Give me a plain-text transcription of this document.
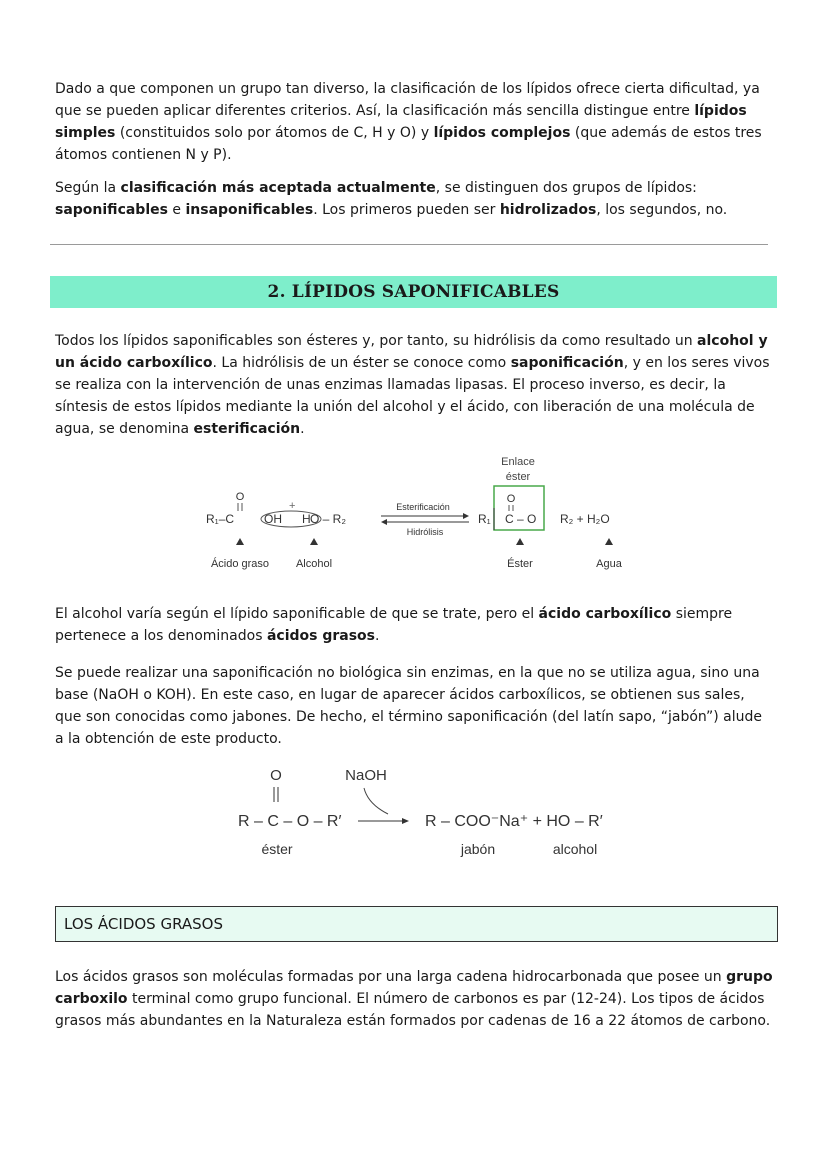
Dado a que componen un grupo tan diverso, la clasificación de los lípidos ofrece cierta dificultad, ya que se pueden aplicar diferentes criterios. Así, la clasificación más sencilla distingue entre lípidos simples (constituidos solo por átomos de C, H y O) y lípidos complejos (que además de estos tres átomos contienen N y P).

Según la clasificación más aceptada actualmente, se distinguen dos grupos de lípidos: saponificables e insaponificables. Los primeros pueden ser hidrolizados, los segundos, no.

2. LÍPIDOS SAPONIFICABLES

Todos los lípidos saponificables son ésteres y, por tanto, su hidrólisis da como resultado un alcohol y un ácido carboxílico. La hidrólisis de un éster se conoce como saponificación, y en los seres vivos se realiza con la intervención de unas enzimas llamadas lipasas. El proceso inverso, es decir, la síntesis de estos lípidos mediante la unión del alcohol y el ácido, con liberación de una molécula de agua, se denomina esterificación.

Enlace
éster
O
+
R₁–C OH H O – R₂
Esterificación
Hidrólisis
R₁
O
C – O R₂ + H₂O
Ácido graso Alcohol	Éster	Agua

El alcohol varía según el lípido saponificable de que se trate, pero el ácido carboxílico siempre pertenece a los denominados ácidos grasos.

Se puede realizar una saponificación no biológica sin enzimas, en la que no se utiliza agua, sino una base (NaOH o KOH). En este caso, en lugar de aparecer ácidos carboxílicos, se obtienen sus sales, que son conocidas como jabones. De hecho, el término saponificación (del latín sapo, “jabón”) alude a la obtención de este producto.

O	NaOH
R – C – O – R′	R – COO⁻Na⁺ + HO – R′
éster	jabón	alcohol
LOS ÁCIDOS GRASOS

Los ácidos grasos son moléculas formadas por una larga cadena hidrocarbonada que posee un grupo carboxilo terminal como grupo funcional. El número de carbonos es par (12-24). Los tipos de ácidos grasos más abundantes en la Naturaleza están formados por cadenas de 16 a 22 átomos de carbono.
